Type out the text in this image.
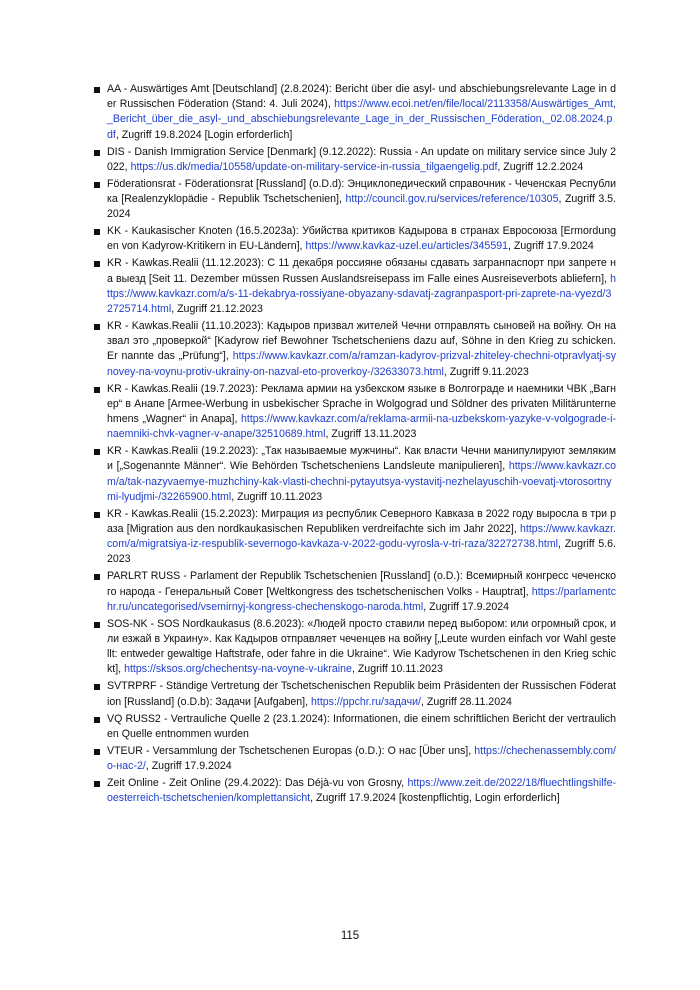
AA - Auswärtiges Amt [Deutschland] (2.8.2024): Bericht über die asyl- und abschiebungsrelevante Lage in der Russischen Föderation (Stand: 4. Juli 2024), https://www.ecoi.net/en/file/local/2113358/Auswärtiges_Amt,_Bericht_über_die_asyl-_und_abschiebungsrelevante_Lage_in_der_Russischen_Föderation,_02.08.2024.pdf, Zugriff 19.8.2024 [Login erforderlich]
DIS - Danish Immigration Service [Denmark] (9.12.2022): Russia - An update on military service since July 2022, https://us.dk/media/10558/update-on-military-service-in-russia_tilgaengelig.pdf, Zugriff 12.2.2024
Föderationsrat - Föderationsrat [Russland] (o.D.d): Энциклопедический справочник - Чеченская Республика [Realenzyklopädie - Republik Tschetschenien], http://council.gov.ru/services/reference/10305, Zugriff 3.5.2024
KK - Kaukasischer Knoten (16.5.2023a): Убийства критиков Кадырова в странах Евросоюза [Ermordungen von Kadyrow-Kritikern in EU-Ländern], https://www.kavkaz-uzel.eu/articles/345591, Zugriff 17.9.2024
KR - Kawkas.Realii (11.12.2023): С 11 декабря россияне обязаны сдавать загранпаспорт при запрете на выезд [Seit 11. Dezember müssen Russen Auslandsreisepass im Falle eines Ausreiseverbots abliefern], https://www.kavkazr.com/a/s-11-dekabrya-rossiyane-obyazany-sdavatj-zagranpasport-pri-zaprete-na-vyezd/32725714.html, Zugriff 21.12.2023
KR - Kawkas.Realii (11.10.2023): Кадыров призвал жителей Чечни отправлять сыновей на войну. Он назвал это „проверкой“ [Kadyrow rief Bewohner Tschetscheniens dazu auf, Söhne in den Krieg zu schicken. Er nannte das „Prüfung“], https://www.kavkazr.com/a/ramzan-kadyrov-prizval-zhiteley-chechni-otpravlyatj-synovey-na-voynu-protiv-ukrainy-on-nazval-eto-proverkoy-/32633073.html, Zugriff 9.11.2023
KR - Kawkas.Realii (19.7.2023): Реклама армии на узбекском языке в Волгограде и наемники ЧВК „Вагнер“ в Анапе [Armee-Werbung in usbekischer Sprache in Wolgograd und Söldner des privaten Militärunternehmens „Wagner“ in Anapa], https://www.kavkazr.com/a/reklama-armii-na-uzbekskom-yazyke-v-volgograde-i-naemniki-chvk-vagner-v-anape/32510689.html, Zugriff 13.11.2023
KR - Kawkas.Realii (19.2.2023): „Так называемые мужчины“. Как власти Чечни манипулируют землякими [„Sogenannte Männer“. Wie Behörden Tschetscheniens Landsleute manipulieren], https://www.kavkazr.com/a/tak-nazyvaemye-muzhchiny-kak-vlasti-chechni-pytayutsya-vystavitj-nezhelayuschih-voevatj-vtorosortnymi-lyudjmi-/32265900.html, Zugriff 10.11.2023
KR - Kawkas.Realii (15.2.2023): Миграция из республик Северного Кавказа в 2022 году выросла в три раза [Migration aus den nordkaukasischen Republiken verdreifachte sich im Jahr 2022], https://www.kavkazr.com/a/migratsiya-iz-respublik-severnogo-kavkaza-v-2022-godu-vyrosla-v-tri-raza/32272738.html, Zugriff 5.6.2023
PARLRT RUSS - Parlament der Republik Tschetschenien [Russland] (o.D.): Всемирный конгресс чеченского народа - Генеральный Совет [Weltkongress des tschetschenischen Volks - Hauptrat], https://parlamentchr.ru/uncategorised/vsemirnyj-kongress-chechenskogo-naroda.html, Zugriff 17.9.2024
SOS-NK - SOS Nordkaukasus (8.6.2023): «Людей просто ставили перед выбором: или огромный срок, или езжай в Украину». Как Кадыров отправляет чеченцев на войну [„Leute wurden einfach vor Wahl gestellt: entweder gewaltige Haftstrafe, oder fahre in die Ukraine“. Wie Kadyrow Tschetschenen in den Krieg schickt], https://sksos.org/chechentsy-na-voyne-v-ukraine, Zugriff 10.11.2023
SVTRPRF - Ständige Vertretung der Tschetschenischen Republik beim Präsidenten der Russischen Föderation [Russland] (o.D.b): Задачи [Aufgaben], https://ppchr.ru/задачи/, Zugriff 28.11.2024
VQ RUSS2 - Vertrauliche Quelle 2 (23.1.2024): Informationen, die einem schriftlichen Bericht der vertraulichen Quelle entnommen wurden
VTEUR - Versammlung der Tschetschenen Europas (o.D.): О нас [Über uns], https://chechenassembly.com/о-нас-2/, Zugriff 17.9.2024
Zeit Online - Zeit Online (29.4.2022): Das Déjà-vu von Grosny, https://www.zeit.de/2022/18/fluechtlingshilfe-oesterreich-tschetschenien/komplettansicht, Zugriff 17.9.2024 [kostenpflichtig, Login erforderlich]
115
